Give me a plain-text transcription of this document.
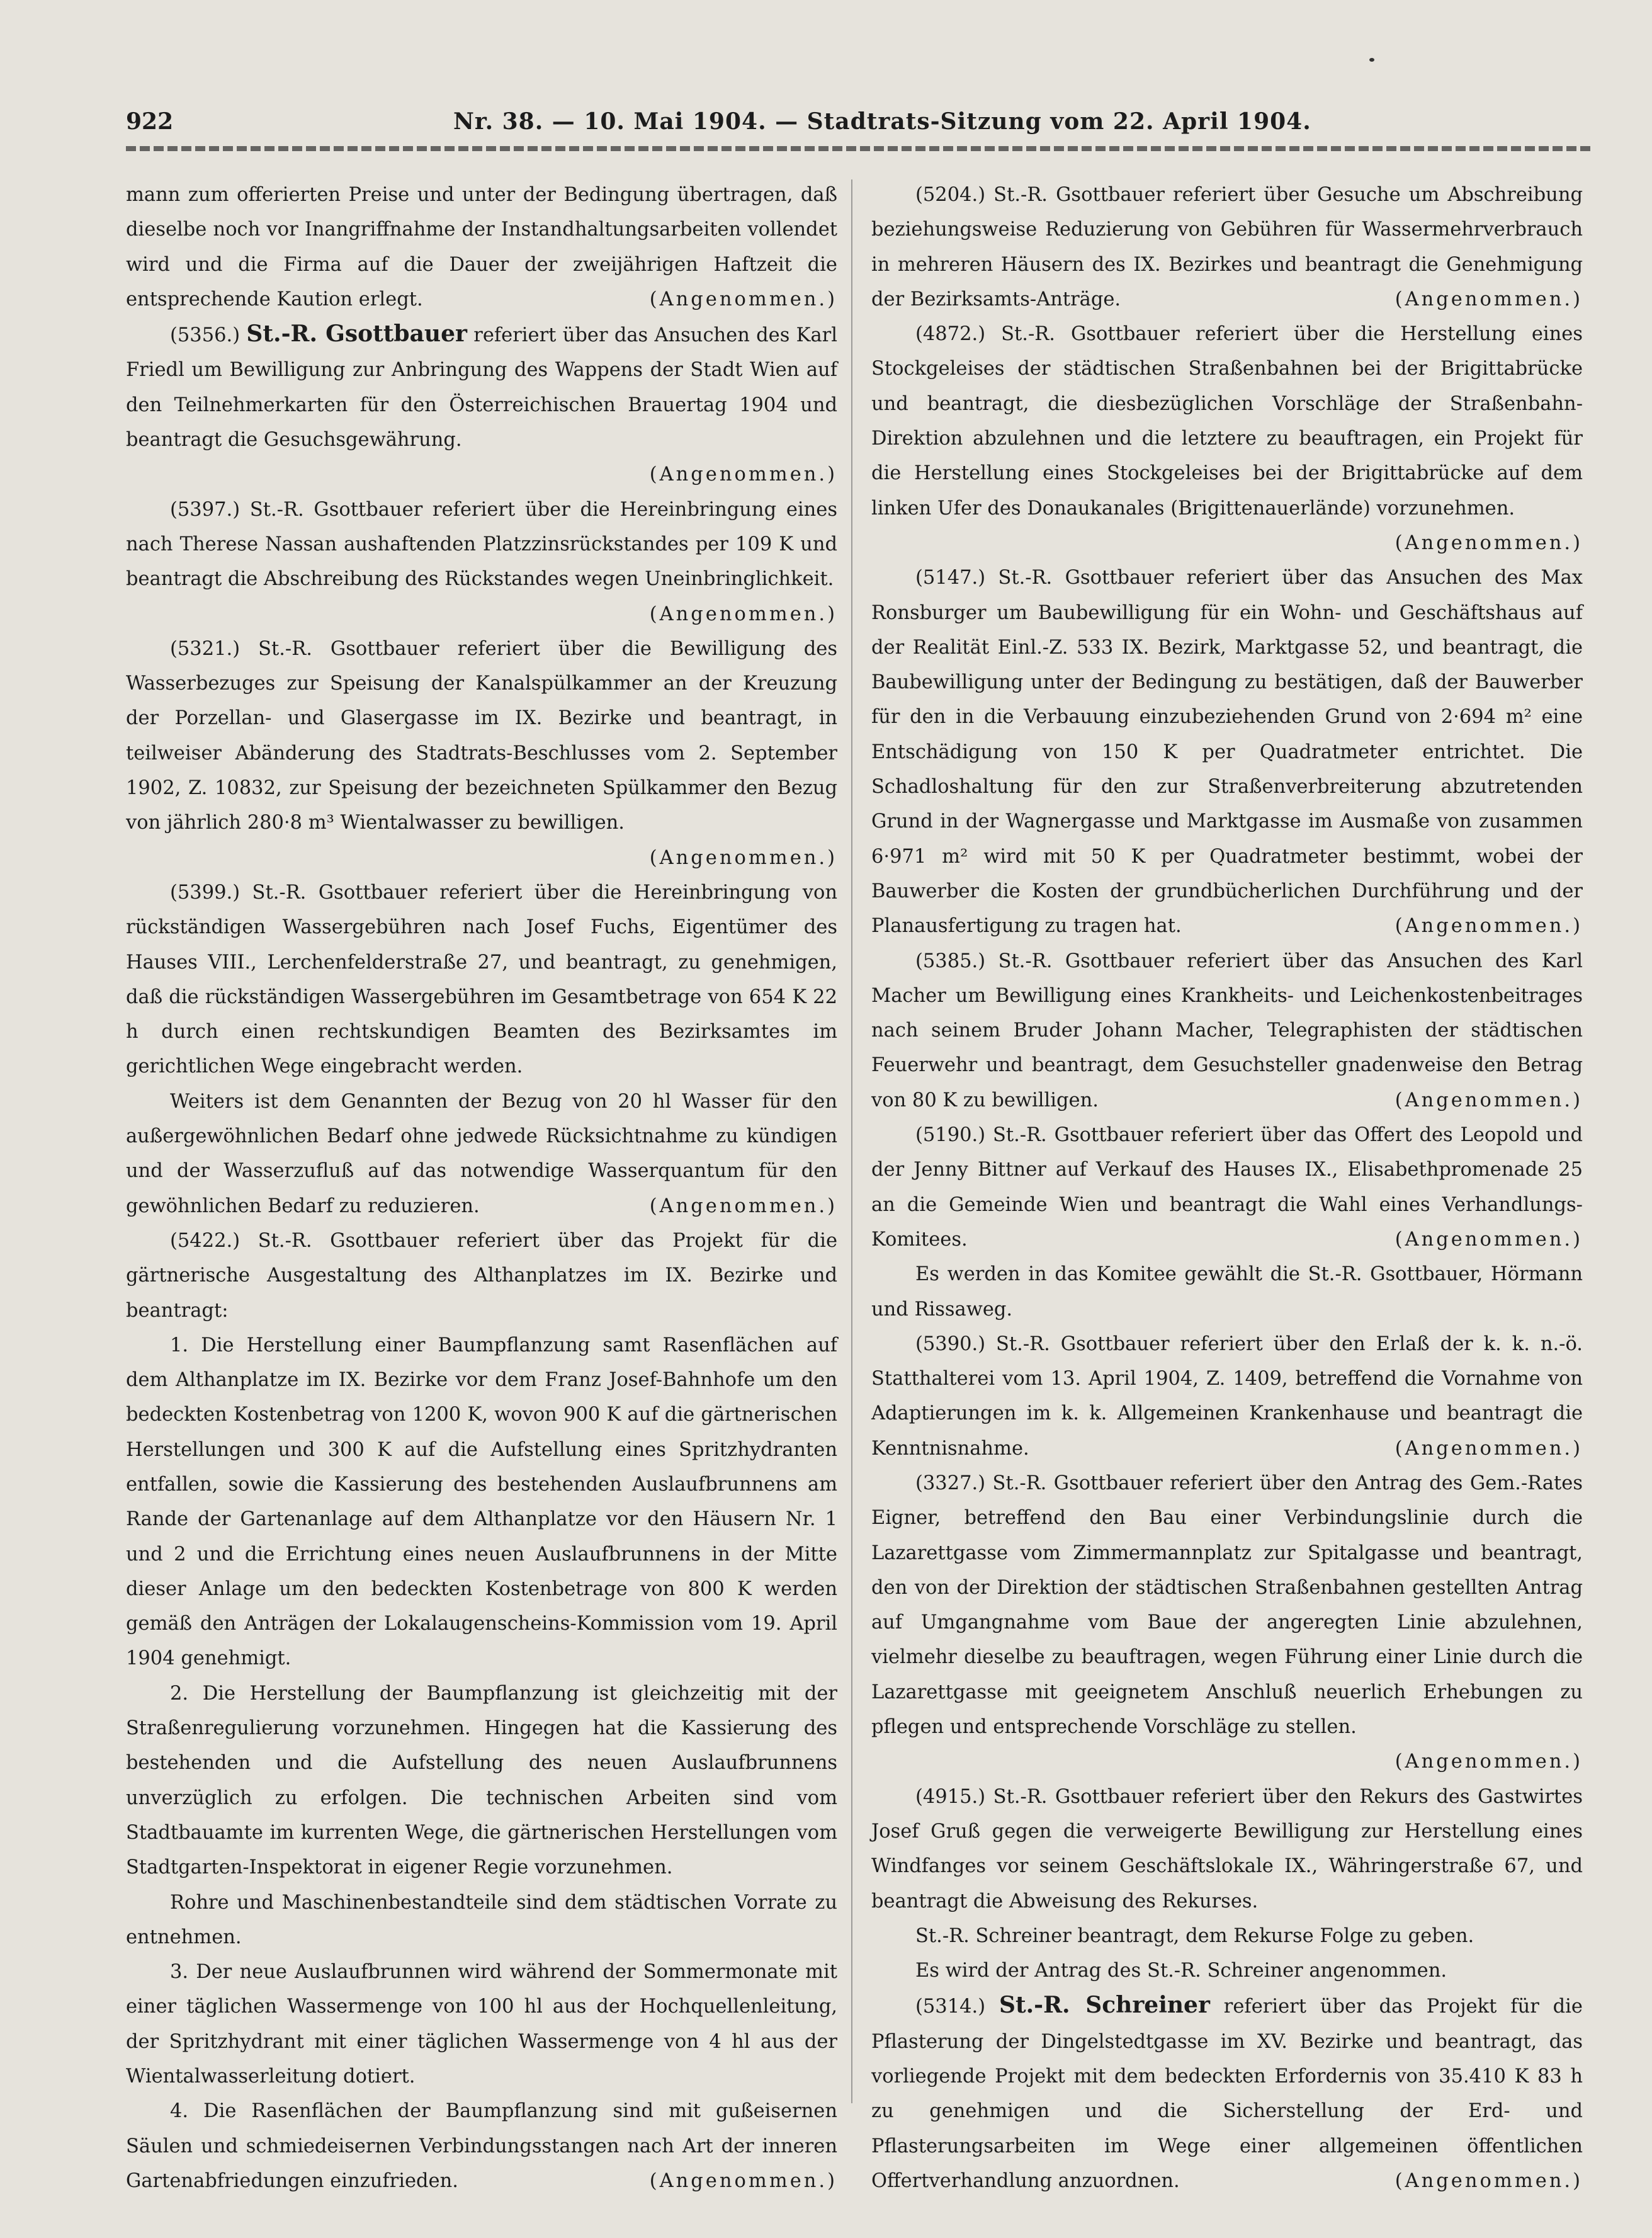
922	Nr. 38. — 10. Mai 1904. — Stadtrats-Sitzung vom 22. April 1904.

mann zum offerierten Preise und unter der Bedingung übertragen, daß dieselbe noch vor Inangriffnahme der Instandhaltungsarbeiten vollendet wird und die Firma auf die Dauer der zweijährigen Haftzeit die entsprechende Kaution erlegt.	(Angenommen.)

(5356.) St.-R. Gsottbauer referiert über das Ansuchen des Karl Friedl um Bewilligung zur Anbringung des Wappens der Stadt Wien auf den Teilnehmerkarten für den Österreichischen Brauertag 1904 und beantragt die Gesuchsgewährung.

(Angenommen.)

(5397.) St.-R. Gsottbauer referiert über die Hereinbringung eines nach Therese Nassan aushaftenden Platzzinsrückstandes per 109 K und beantragt die Abschreibung des Rückstandes wegen Uneinbringlichkeit.
(Angenommen.)

(5321.) St.-R. Gsottbauer referiert über die Bewilligung des Wasserbezuges zur Speisung der Kanalspülkammer an der Kreuzung der Porzellan- und Glasergasse im IX. Bezirke und beantragt, in teilweiser Abänderung des Stadtrats-Beschlusses vom 2. September 1902, Z. 10832, zur Speisung der bezeichneten Spülkammer den Bezug von jährlich 280·8 m³ Wientalwasser zu bewilligen.

(Angenommen.)

(5399.) St.-R. Gsottbauer referiert über die Hereinbringung von rückständigen Wassergebühren nach Josef Fuchs, Eigentümer des Hauses VIII., Lerchenfelderstraße 27, und beantragt, zu genehmigen, daß die rückständigen Wassergebühren im Gesamtbetrage von 654 K 22 h durch einen rechtskundigen Beamten des Bezirksamtes im gerichtlichen Wege eingebracht werden.

Weiters ist dem Genannten der Bezug von 20 hl Wasser für den außergewöhnlichen Bedarf ohne jedwede Rücksichtnahme zu kündigen und der Wasserzufluß auf das notwendige Wasserquantum für den gewöhnlichen Bedarf zu reduzieren.	(Angenommen.)

(5422.) St.-R. Gsottbauer referiert über das Projekt für die gärtnerische Ausgestaltung des Althanplatzes im IX. Bezirke und beantragt:

1. Die Herstellung einer Baumpflanzung samt Rasenflächen auf dem Althanplatze im IX. Bezirke vor dem Franz Josef-Bahnhofe um den bedeckten Kostenbetrag von 1200 K, wovon 900 K auf die gärtnerischen Herstellungen und 300 K auf die Aufstellung eines Spritzhydranten entfallen, sowie die Kassierung des bestehenden Auslaufbrunnens am Rande der Gartenanlage auf dem Althanplatze vor den Häusern Nr. 1 und 2 und die Errichtung eines neuen Auslaufbrunnens in der Mitte dieser Anlage um den bedeckten Kostenbetrage von 800 K werden gemäß den Anträgen der Lokalaugenscheins-Kommission vom 19. April 1904 genehmigt.

2. Die Herstellung der Baumpflanzung ist gleichzeitig mit der Straßenregulierung vorzunehmen. Hingegen hat die Kassierung des bestehenden und die Aufstellung des neuen Auslaufbrunnens unverzüglich zu erfolgen. Die technischen Arbeiten sind vom Stadtbauamte im kurrenten Wege, die gärtnerischen Herstellungen vom Stadtgarten-Inspektorat in eigener Regie vorzunehmen.

Rohre und Maschinenbestandteile sind dem städtischen Vorrate zu entnehmen.

3. Der neue Auslaufbrunnen wird während der Sommermonate mit einer täglichen Wassermenge von 100 hl aus der Hochquellenleitung, der Spritzhydrant mit einer täglichen Wassermenge von 4 hl aus der Wientalwasserleitung dotiert.

4. Die Rasenflächen der Baumpflanzung sind mit gußeisernen Säulen und schmiedeisernen Verbindungsstangen nach Art der inneren Gartenabfriedungen einzufrieden.	(Angenommen.)

(5204.) St.-R. Gsottbauer referiert über Gesuche um Abschreibung beziehungsweise Reduzierung von Gebühren für Wassermehrverbrauch in mehreren Häusern des IX. Bezirkes und beantragt die Genehmigung der Bezirksamts-Anträge.	(Angenommen.)

(4872.) St.-R. Gsottbauer referiert über die Herstellung eines Stockgeleises der städtischen Straßenbahnen bei der Brigittabrücke und beantragt, die diesbezüglichen Vorschläge der Straßenbahn-Direktion abzulehnen und die letztere zu beauftragen, ein Projekt für die Herstellung eines Stockgeleises bei der Brigittabrücke auf dem linken Ufer des Donaukanales (Brigittenauerlände) vorzunehmen.

(Angenommen.)

(5147.) St.-R. Gsottbauer referiert über das Ansuchen des Max Ronsburger um Baubewilligung für ein Wohn- und Geschäftshaus auf der Realität Einl.-Z. 533 IX. Bezirk, Marktgasse 52, und beantragt, die Baubewilligung unter der Bedingung zu bestätigen, daß der Bauwerber für den in die Verbauung einzubeziehenden Grund von 2·694 m² eine Entschädigung von 150 K per Quadratmeter entrichtet. Die Schadloshaltung für den zur Straßenverbreiterung abzutretenden Grund in der Wagnergasse und Marktgasse im Ausmaße von zusammen 6·971 m² wird mit 50 K per Quadratmeter bestimmt, wobei der Bauwerber die Kosten der grundbücherlichen Durchführung und der Planausfertigung zu tragen hat.	(Angenommen.)

(5385.) St.-R. Gsottbauer referiert über das Ansuchen des Karl Macher um Bewilligung eines Krankheits- und Leichenkostenbeitrages nach seinem Bruder Johann Macher, Telegraphisten der städtischen Feuerwehr und beantragt, dem Gesuchsteller gnadenweise den Betrag von 80 K zu bewilligen.	(Angenommen.)

(5190.) St.-R. Gsottbauer referiert über das Offert des Leopold und der Jenny Bittner auf Verkauf des Hauses IX., Elisabethpromenade 25 an die Gemeinde Wien und beantragt die Wahl eines Verhandlungs-Komitees.	(Angenommen.)

Es werden in das Komitee gewählt die St.-R. Gsottbauer, Hörmann und Rissaweg.

(5390.) St.-R. Gsottbauer referiert über den Erlaß der k. k. n.-ö. Statthalterei vom 13. April 1904, Z. 1409, betreffend die Vornahme von Adaptierungen im k. k. Allgemeinen Krankenhause und beantragt die Kenntnisnahme.	(Angenommen.)

(3327.) St.-R. Gsottbauer referiert über den Antrag des Gem.-Rates Eigner, betreffend den Bau einer Verbindungslinie durch die Lazarettgasse vom Zimmermannplatz zur Spitalgasse und beantragt, den von der Direktion der städtischen Straßenbahnen gestellten Antrag auf Umgangnahme vom Baue der angeregten Linie abzulehnen, vielmehr dieselbe zu beauftragen, wegen Führung einer Linie durch die Lazarettgasse mit geeignetem Anschluß neuerlich Erhebungen zu pflegen und entsprechende Vorschläge zu stellen.
(Angenommen.)

(4915.) St.-R. Gsottbauer referiert über den Rekurs des Gastwirtes Josef Gruß gegen die verweigerte Bewilligung zur Herstellung eines Windfanges vor seinem Geschäftslokale IX., Währingerstraße 67, und beantragt die Abweisung des Rekurses.

St.-R. Schreiner beantragt, dem Rekurse Folge zu geben.

Es wird der Antrag des St.-R. Schreiner angenommen.

(5314.) St.-R. Schreiner referiert über das Projekt für die Pflasterung der Dingelstedtgasse im XV. Bezirke und beantragt, das vorliegende Projekt mit dem bedeckten Erfordernis von 35.410 K 83 h zu genehmigen und die Sicherstellung der Erd- und Pflasterungsarbeiten im Wege einer allgemeinen öffentlichen Offertverhandlung anzuordnen.	(Angenommen.)
